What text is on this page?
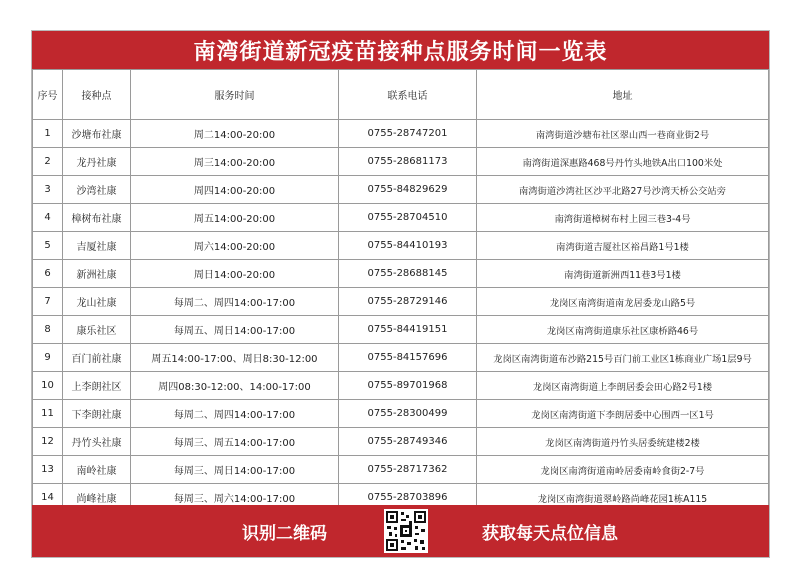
南湾街道新冠疫苗接种点服务时间一览表
序号	接种点	服务时间	联系电话	地址
1	沙塘布社康	周二14:00-20:00	0755-28747201	南湾街道沙塘布社区翠山西一巷商业街2号
2	龙丹社康	周三14:00-20:00	0755-28681173	南湾街道深惠路468号丹竹头地铁A出口100米处
3	沙湾社康	周四14:00-20:00	0755-84829629	南湾街道沙湾社区沙平北路27号沙湾天桥公交站旁
4	樟树布社康	周五14:00-20:00	0755-28704510	南湾街道樟树布村上园三巷3-4号
5	吉厦社康	周六14:00-20:00	0755-84410193	南湾街道吉厦社区裕昌路1号1楼
6	新洲社康	周日14:00-20:00	0755-28688145	南湾街道新洲西11巷3号1楼
7	龙山社康	每周二、周四14:00-17:00	0755-28729146	龙岗区南湾街道南龙居委龙山路5号
8	康乐社区	每周五、周日14:00-17:00	0755-84419151	龙岗区南湾街道康乐社区康桥路46号
9	百门前社康	周五14:00-17:00、周日8:30-12:00	0755-84157696	龙岗区南湾街道布沙路215号百门前工业区1栋商业广场1层9号
10	上李朗社区	周四08:30-12:00、14:00-17:00	0755-89701968	龙岗区南湾街道上李朗居委会田心路2号1楼
11	下李朗社康	每周二、周四14:00-17:00	0755-28300499	龙岗区南湾街道下李朗居委中心围西一区1号
12	丹竹头社康	每周三、周五14:00-17:00	0755-28749346	龙岗区南湾街道丹竹头居委统建楼2楼
13	南岭社康	每周三、周日14:00-17:00	0755-28717362	龙岗区南湾街道南岭居委南岭食街2-7号
14	尚峰社康	每周三、周六14:00-17:00	0755-28703896	龙岗区南湾街道翠岭路尚峰花园1栋A115
识别二维码	获取每天点位信息
